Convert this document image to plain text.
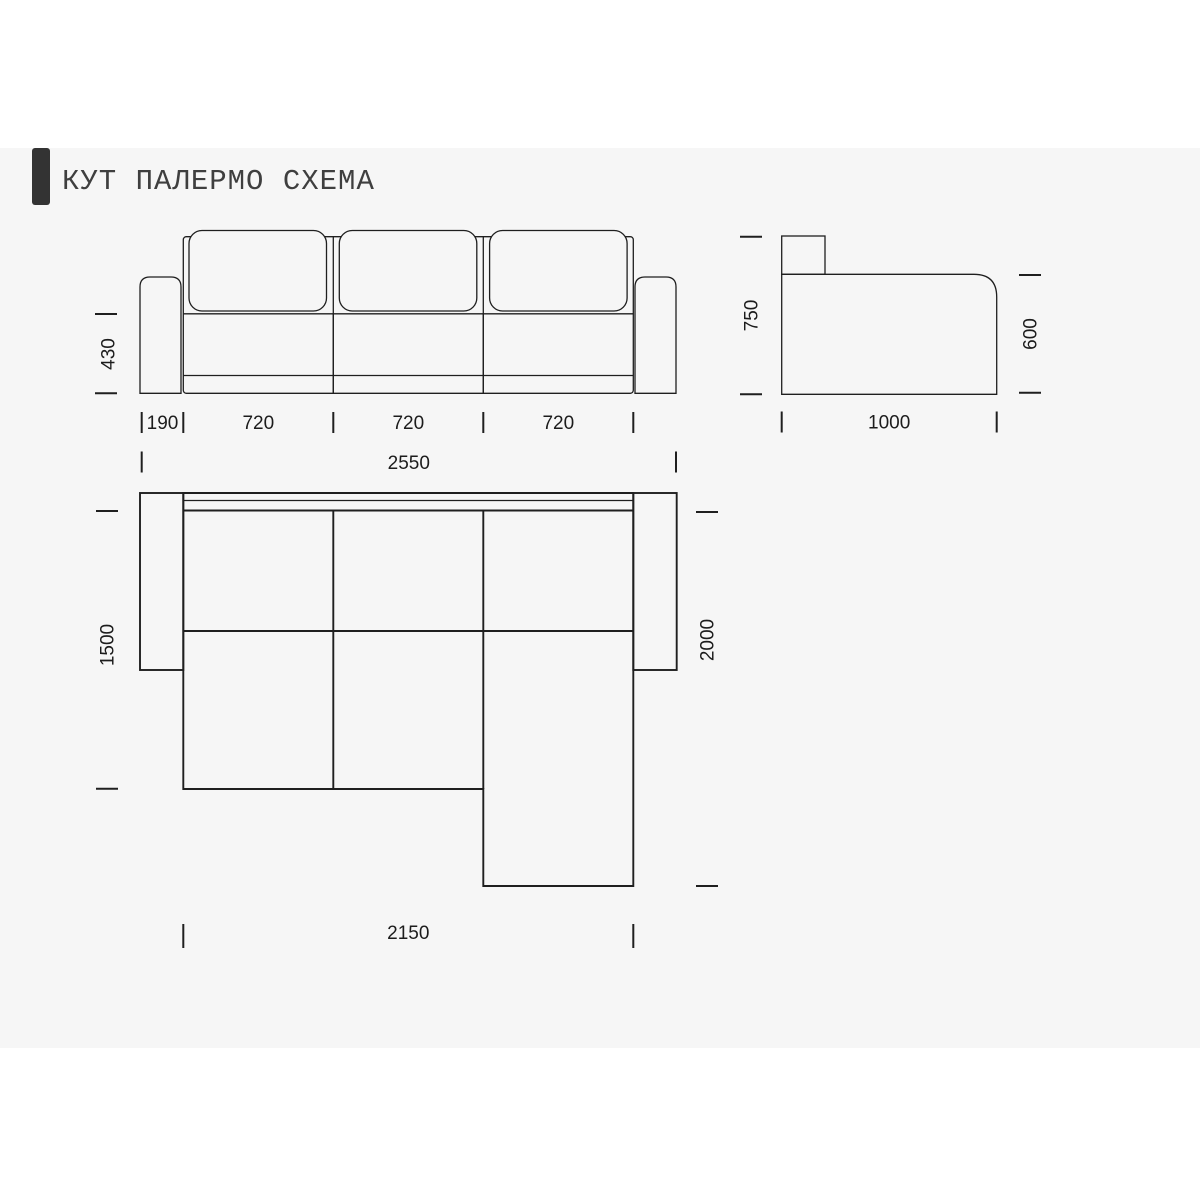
КУТ ПАЛЕРМО СХЕМА
430
190	720	720	720
2550
750
600
1000
1500	2000
2150
